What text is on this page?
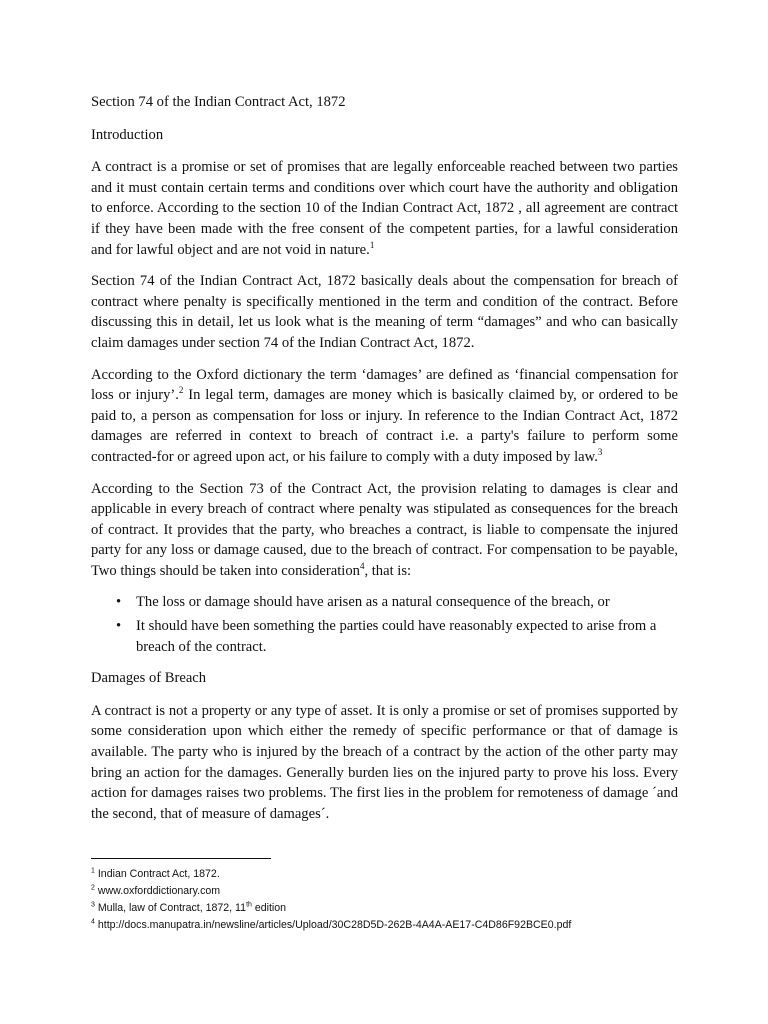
Section 74 of the Indian Contract Act, 1872

Introduction

A contract is a promise or set of promises that are legally enforceable reached between two parties and it must contain certain terms and conditions over which court have the authority and obligation to enforce. According to the section 10 of the Indian Contract Act, 1872 , all agreement are contract if they have been made with the free consent of the competent parties, for a lawful consideration and for lawful object and are not void in nature.$^1$

Section 74 of the Indian Contract Act, 1872 basically deals about the compensation for breach of contract where penalty is specifically mentioned in the term and condition of the contract. Before discussing this in detail, let us look what is the meaning of term “damages” and who can basically claim damages under section 74 of the Indian Contract Act, 1872.

According to the Oxford dictionary the term ‘damages’ are defined as ‘financial compensation for loss or injury’.$^2$ In legal term, damages are money which is basically claimed by, or ordered to be paid to, a person as compensation for loss or injury. In reference to the Indian Contract Act, 1872 damages are referred in context to breach of contract i.e. a party's failure to perform some contracted-for or agreed upon act, or his failure to comply with a duty imposed by law.$^3$

According to the Section 73 of the Contract Act, the provision relating to damages is clear and applicable in every breach of contract where penalty was stipulated as consequences for the breach of contract. It provides that the party, who breaches a contract, is liable to compensate the injured party for any loss or damage caused, due to the breach of contract. For compensation to be payable, Two things should be taken into consideration$^4$, that is:

• The loss or damage should have arisen as a natural consequence of the breach, or
• It should have been something the parties could have reasonably expected to arise from a breach of the contract.

Damages of Breach

A contract is not a property or any type of asset. It is only a promise or set of promises supported by some consideration upon which either the remedy of specific performance or that of damage is available. The party who is injured by the breach of a contract by the action of the other party may bring an action for the damages. Generally burden lies on the injured party to prove his loss. Every action for damages raises two problems. The first lies in the problem for remoteness of damage ´and the second, that of measure of damages´.

$^1$ Indian Contract Act, 1872.

$^2$ www.oxforddictionary.com

$^3$ Mulla, law of Contract, 1872, 11th edition

$^4$ http://docs.manupatra.in/newsline/articles/Upload/30C28D5D-262B-4A4A-AE17-C4D86F92BCE0.pdf
